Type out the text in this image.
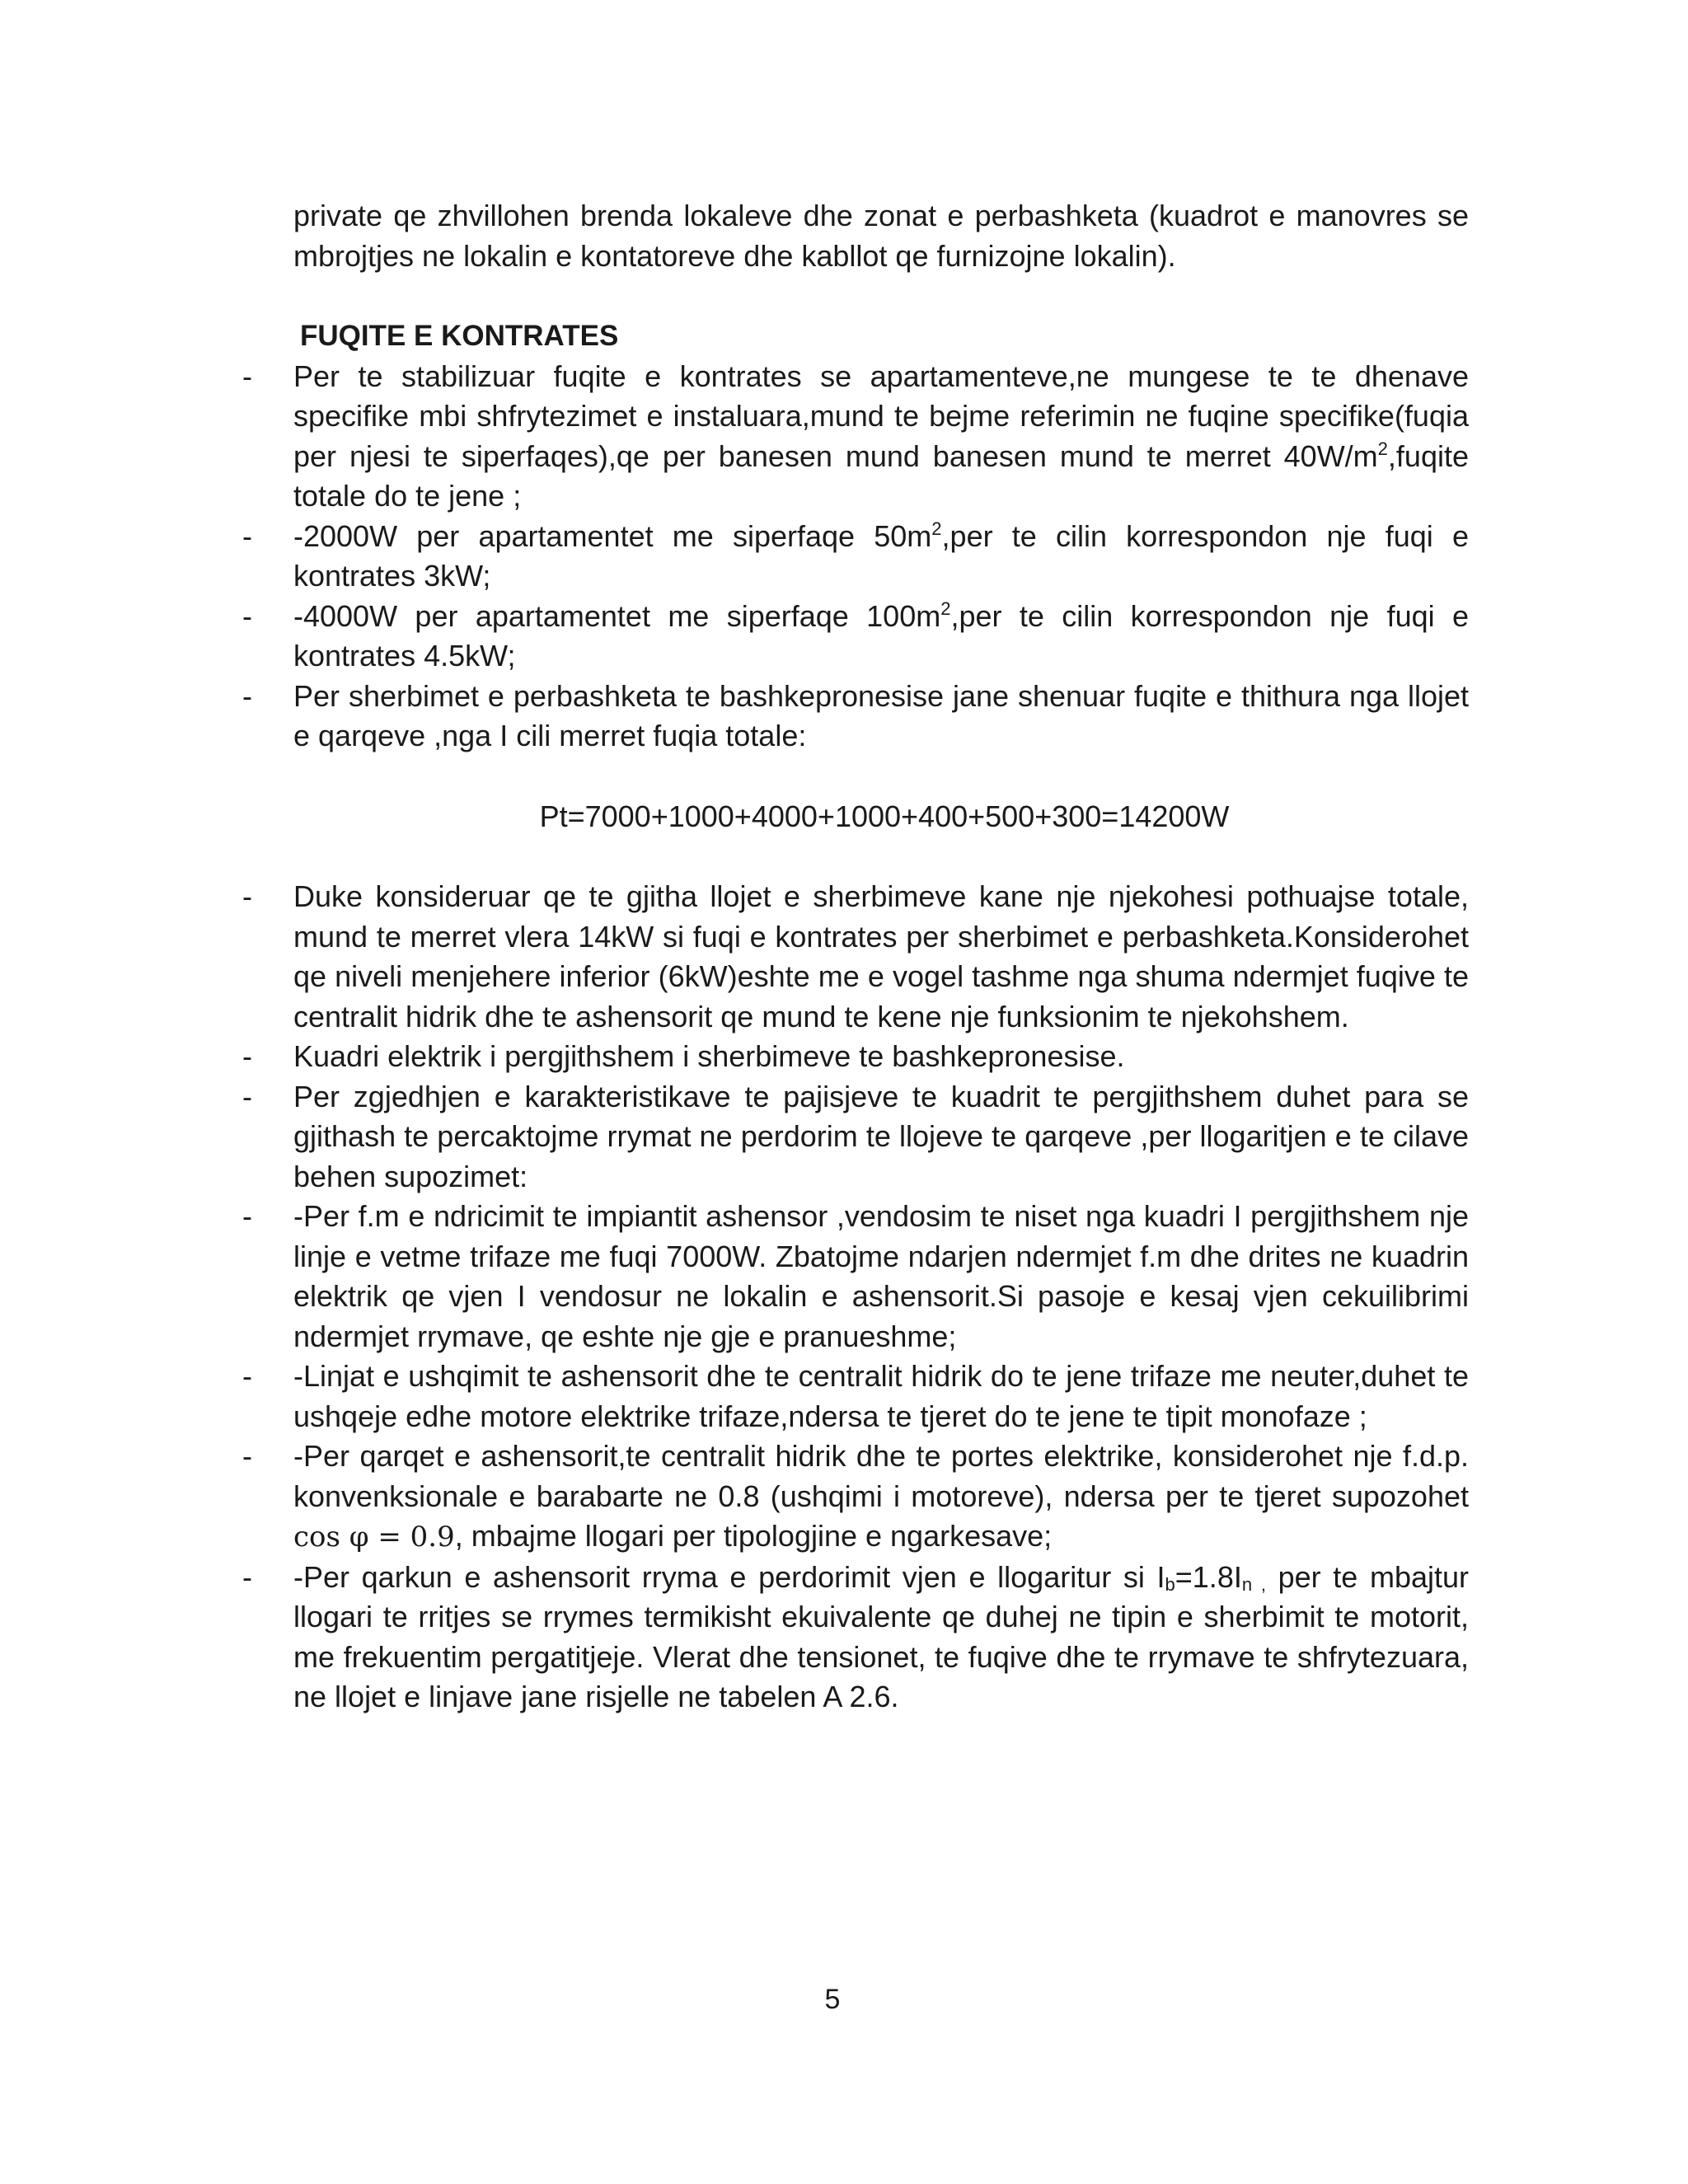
private qe zhvillohen brenda lokaleve dhe zonat e perbashketa (kuadrot e manovres se mbrojtjes ne lokalin e kontatoreve dhe kabllot qe furnizojne lokalin).

FUQITE E KONTRATES
- Per te stabilizuar fuqite e kontrates se apartamenteve,ne mungese te te dhenave specifike mbi shfrytezimet e instaluara,mund te bejme referimin ne fuqine specifike(fuqia per njesi te siperfaqes),qe per banesen mund banesen mund te merret $40W/m^2,fuqite$ totale do te jene ;
- -2000W per apartamentet me siperfaqe $50m^2,per$ te cilin korrespondon nje fuqi e kontrates 3kW;
- -4000W per apartamentet me siperfaqe $100m^2,per$ te cilin korrespondon nje fuqi e kontrates 4.5kW;
- Per sherbimet e perbashketa te bashkepronesise jane shenuar fuqite e thithura nga llojet e qarqeve ,nga I cili merret fuqia totale:
Pt=7000+1000+4000+1000+400+500+300=14200W
- Duke konsideruar qe te gjitha llojet e sherbimeve kane nje njekohesi pothuajse totale, mund te merret vlera 14kW si fuqi e kontrates per sherbimet e perbashketa.Konsiderohet qe niveli menjehere inferior (6kW)eshte me e vogel tashme nga shuma ndermjet fuqive te centralit hidrik dhe te ashensorit qe mund te kene nje funksionim te njekohshem.
- Kuadri elektrik i pergjithshem i sherbimeve te bashkepronesise.
- Per zgjedhjen e karakteristikave te pajisjeve te kuadrit te pergjithshem duhet para se gjithash te percaktojme rrymat ne perdorim te llojeve te qarqeve ,per llogaritjen e te cilave behen supozimet:
- -Per f.m e ndricimit te impiantit ashensor ,vendosim te niset nga kuadri I pergjithshem nje linje e vetme trifaze me fuqi 7000W. Zbatojme ndarjen ndermjet f.m dhe drites ne kuadrin elektrik qe vjen I vendosur ne lokalin e ashensorit.Si pasoje e kesaj vjen cekuilibrimi ndermjet rrymave, qe eshte nje gje e pranueshme;
- -Linjat e ushqimit te ashensorit dhe te centralit hidrik do te jene trifaze me neuter,duhet te ushqeje edhe motore elektrike trifaze,ndersa te tjeret do te jene te tipit monofaze ;
- -Per qarqet e ashensorit,te centralit hidrik dhe te portes elektrike, konsiderohet nje f.d.p. konvenksionale e barabarte ne 0.8 (ushqimi i motoreve), ndersa per te tjeret supozohet cos φ = 0.9, mbajme llogari per tipologjine e ngarkesave;
- -Per qarkun e ashensorit rryma e perdorimit vjen e llogaritur si $I_b=1.8I_{n ,}$ per te mbajtur llogari te rritjes se rrymes termikisht ekuivalente qe duhej ne tipin e sherbimit te motorit, me frekuentim pergatitjeje. Vlerat dhe tensionet, te fuqive dhe te rrymave te shfrytezuara, ne llojet e linjave jane risjelle ne tabelen A 2.6.
5
